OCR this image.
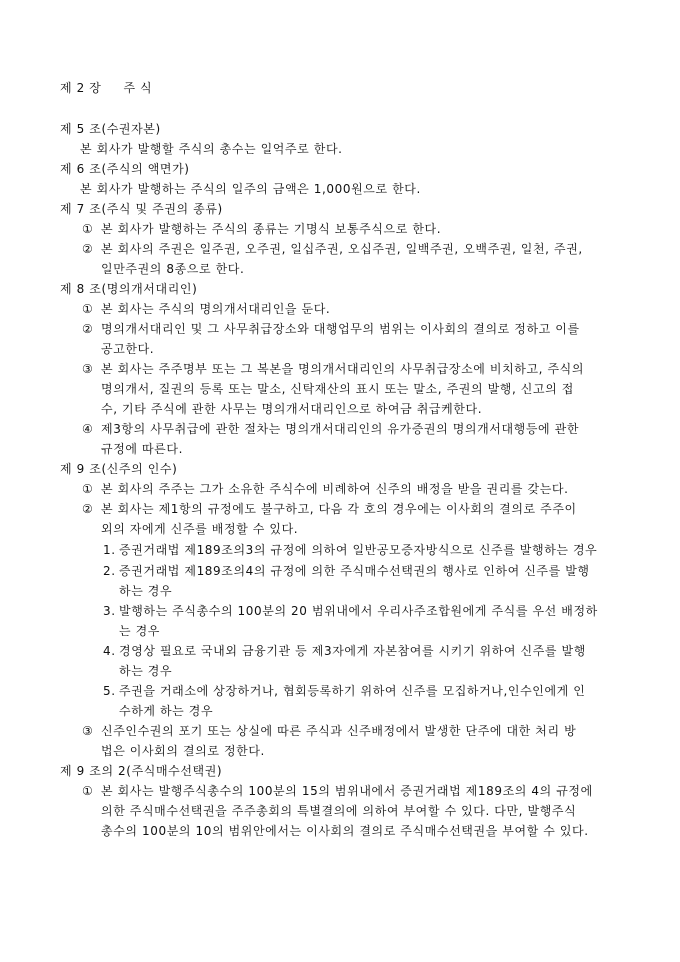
제 2 장 주 식
제 5 조(수권자본)
본 회사가 발행할 주식의 총수는 일억주로 한다.
제 6 조(주식의 액면가)
본 회사가 발행하는 주식의 일주의 금액은 1,000원으로 한다.
제 7 조(주식 및 주권의 종류)
① 본 회사가 발행하는 주식의 종류는 기명식 보통주식으로 한다.
② 본 회사의 주권은 일주권, 오주권, 일십주권, 오십주권, 일백주권, 오백주권, 일천, 주권,
일만주권의 8종으로 한다.
제 8 조(명의개서대리인)
① 본 회사는 주식의 명의개서대리인을 둔다.
② 명의개서대리인 및 그 사무취급장소와 대행업무의 범위는 이사회의 결의로 정하고 이를
공고한다.
③ 본 회사는 주주명부 또는 그 복본을 명의개서대리인의 사무취급장소에 비치하고, 주식의
명의개서, 질권의 등록 또는 말소, 신탁재산의 표시 또는 말소, 주권의 발행, 신고의 접
수, 기타 주식에 관한 사무는 명의개서대리인으로 하여금 취급케한다.
④ 제3항의 사무취급에 관한 절차는 명의개서대리인의 유가증권의 명의개서대행등에 관한
규정에 따른다.
제 9 조(신주의 인수)
① 본 회사의 주주는 그가 소유한 주식수에 비례하여 신주의 배정을 받을 권리를 갖는다.
② 본 회사는 제1항의 규정에도 불구하고, 다음 각 호의 경우에는 이사회의 결의로 주주이
외의 자에게 신주를 배정할 수 있다.
1. 증권거래법 제189조의3의 규정에 의하여 일반공모증자방식으로 신주를 발행하는 경우
2. 증권거래법 제189조의4의 규정에 의한 주식매수선택권의 행사로 인하여 신주를 발행
하는 경우
3. 발행하는 주식총수의 100분의 20 범위내에서 우리사주조합원에게 주식를 우선 배정하
는 경우
4. 경영상 필요로 국내외 금융기관 등 제3자에게 자본참여를 시키기 위하여 신주를 발행
하는 경우
5. 주권을 거래소에 상장하거나, 협회등록하기 위하여 신주를 모집하거나,인수인에게 인
수하게 하는 경우
③ 신주인수권의 포기 또는 상실에 따른 주식과 신주배정에서 발생한 단주에 대한 처리 방
법은 이사회의 결의로 정한다.
제 9 조의 2(주식매수선택권)
① 본 회사는 발행주식총수의 100분의 15의 범위내에서 증권거래법 제189조의 4의 규정에
의한 주식매수선택권을 주주총회의 특별결의에 의하여 부여할 수 있다. 다만, 발행주식
총수의 100분의 10의 범위안에서는 이사회의 결의로 주식매수선택권을 부여할 수 있다.
